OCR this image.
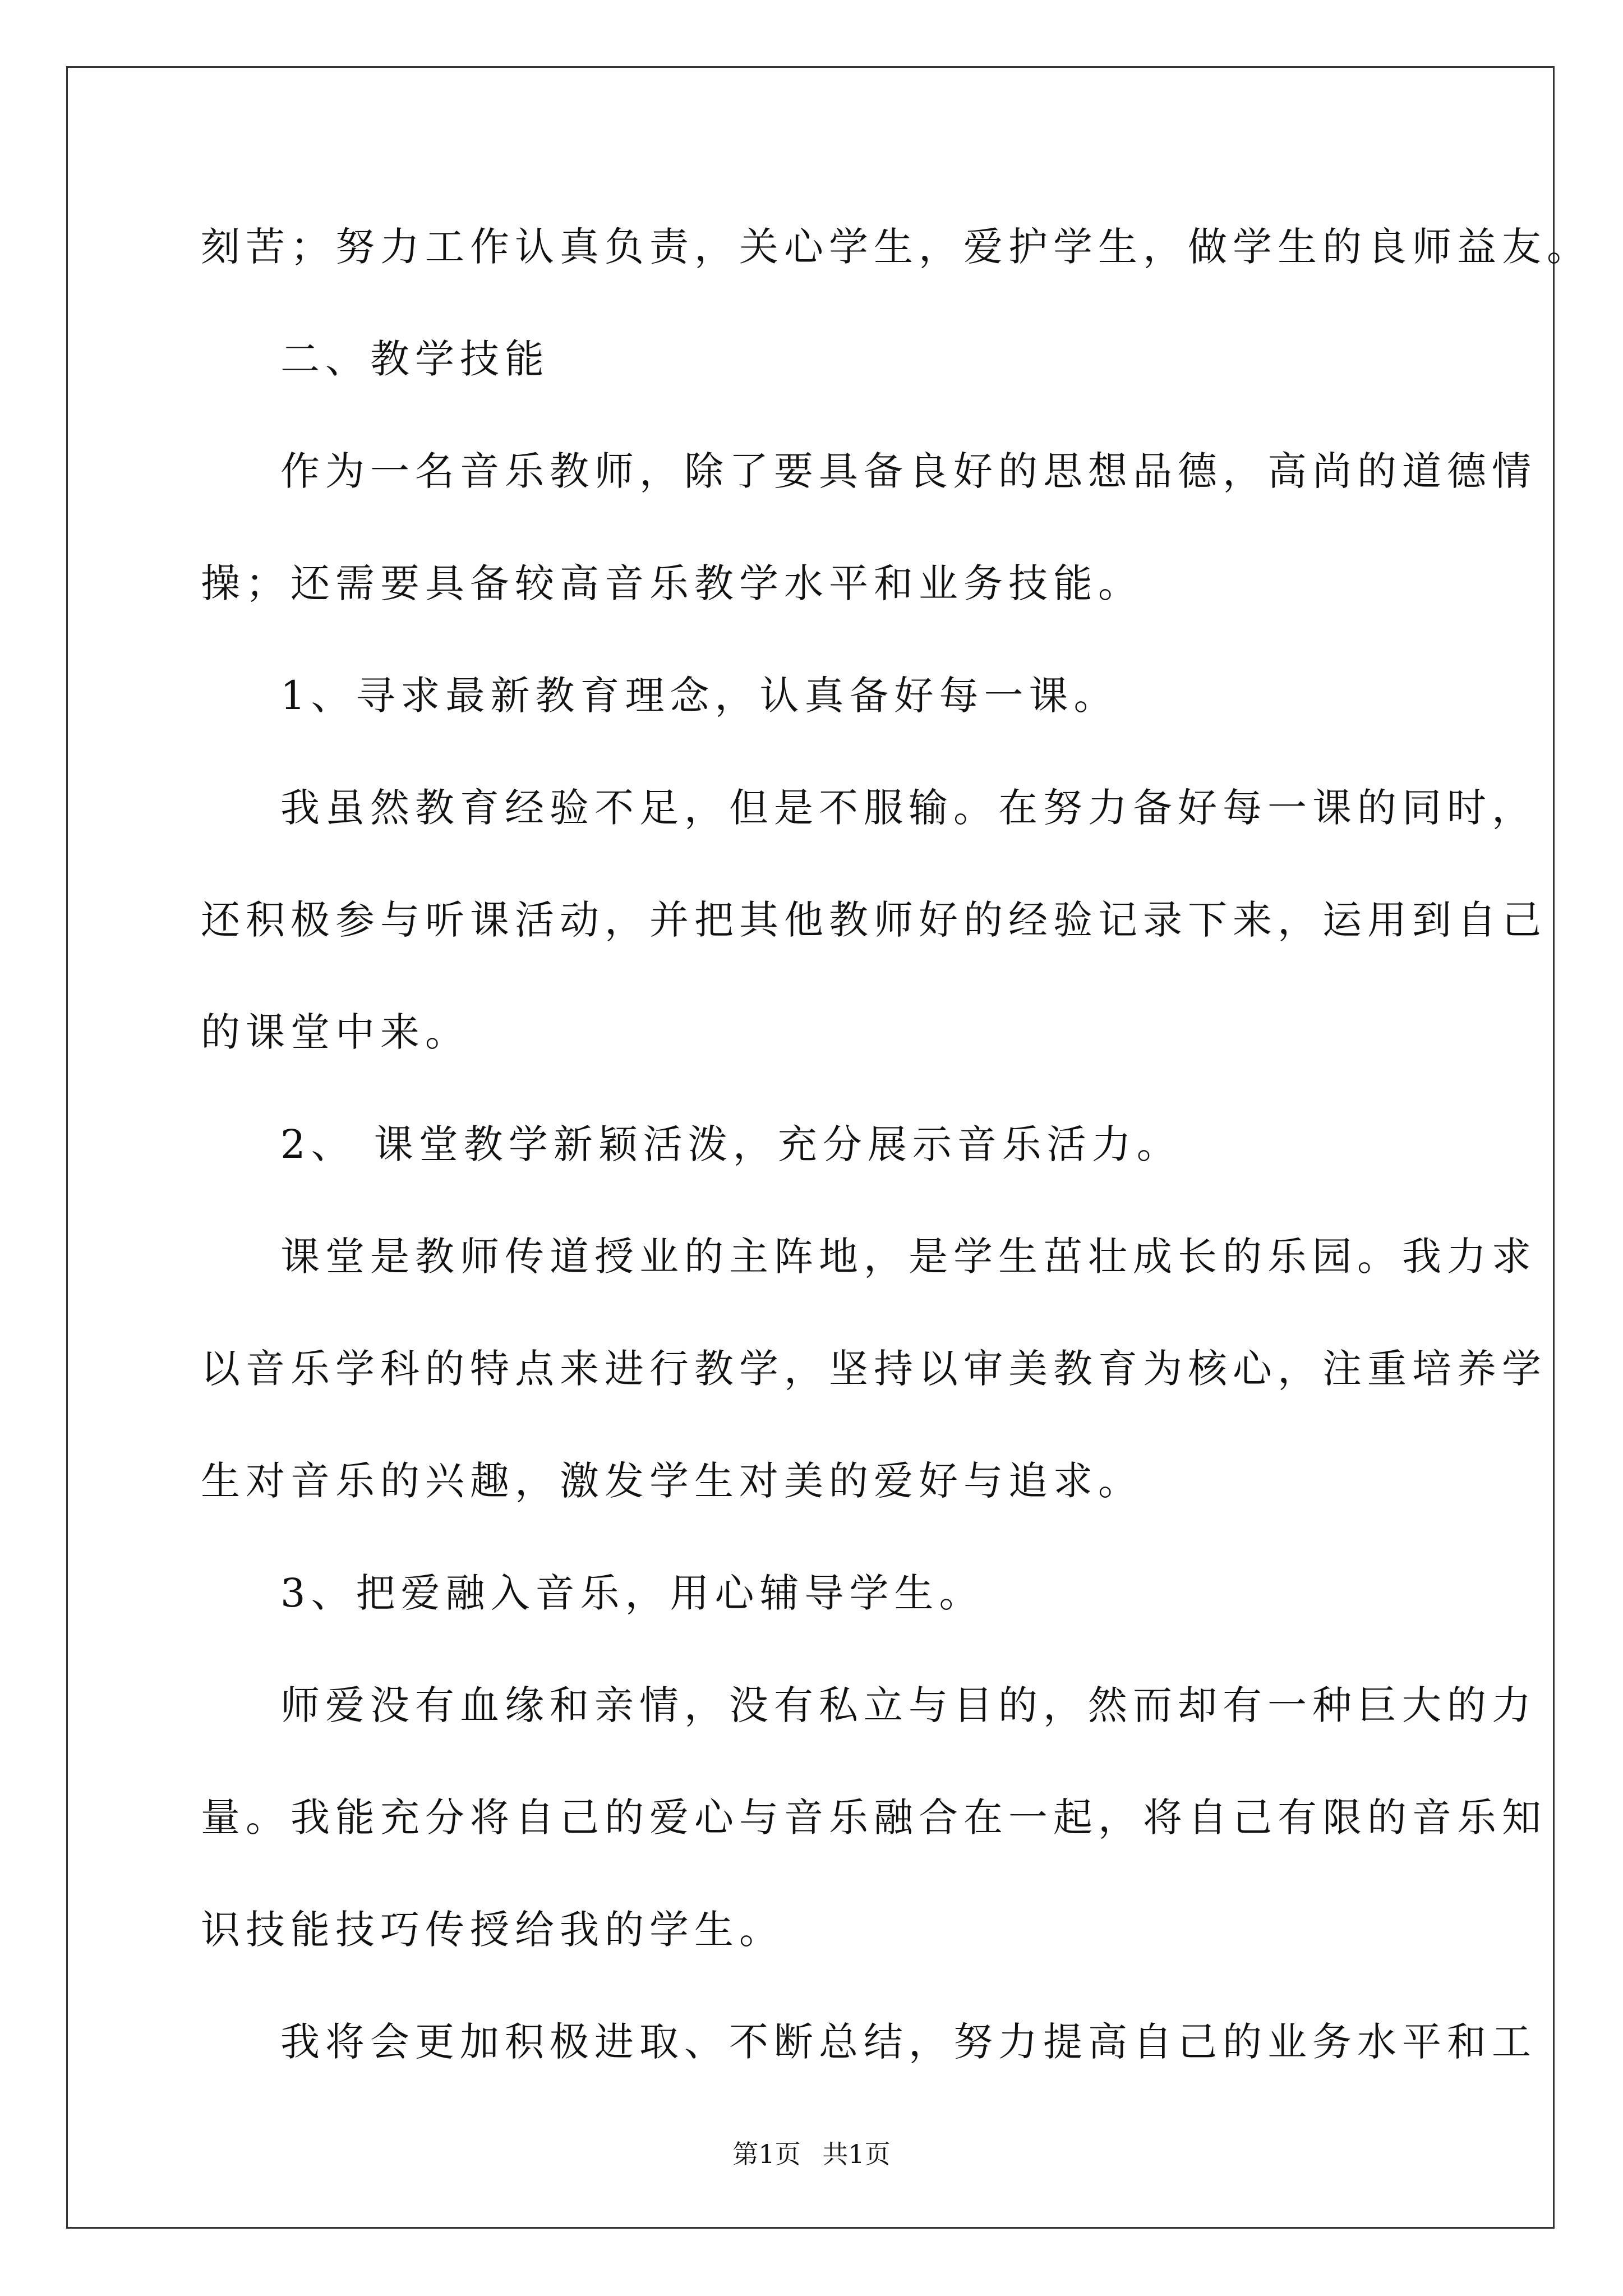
刻苦；努力工作认真负责，关心学生，爱护学生，做学生的良师益友。
二、教学技能
作为一名音乐教师，除了要具备良好的思想品德，高尚的道德情
操；还需要具备较高音乐教学水平和业务技能。
1、寻求最新教育理念，认真备好每一课。
我虽然教育经验不足，但是不服输。在努力备好每一课的同时，
还积极参与听课活动，并把其他教师好的经验记录下来，运用到自己
的课堂中来。
2、 课堂教学新颖活泼，充分展示音乐活力。
课堂是教师传道授业的主阵地，是学生茁壮成长的乐园。我力求
以音乐学科的特点来进行教学，坚持以审美教育为核心，注重培养学
生对音乐的兴趣，激发学生对美的爱好与追求。
3、把爱融入音乐，用心辅导学生。
师爱没有血缘和亲情，没有私立与目的，然而却有一种巨大的力
量。我能充分将自己的爱心与音乐融合在一起，将自己有限的音乐知
识技能技巧传授给我的学生。
我将会更加积极进取、不断总结，努力提高自己的业务水平和工
第1页 共1页
